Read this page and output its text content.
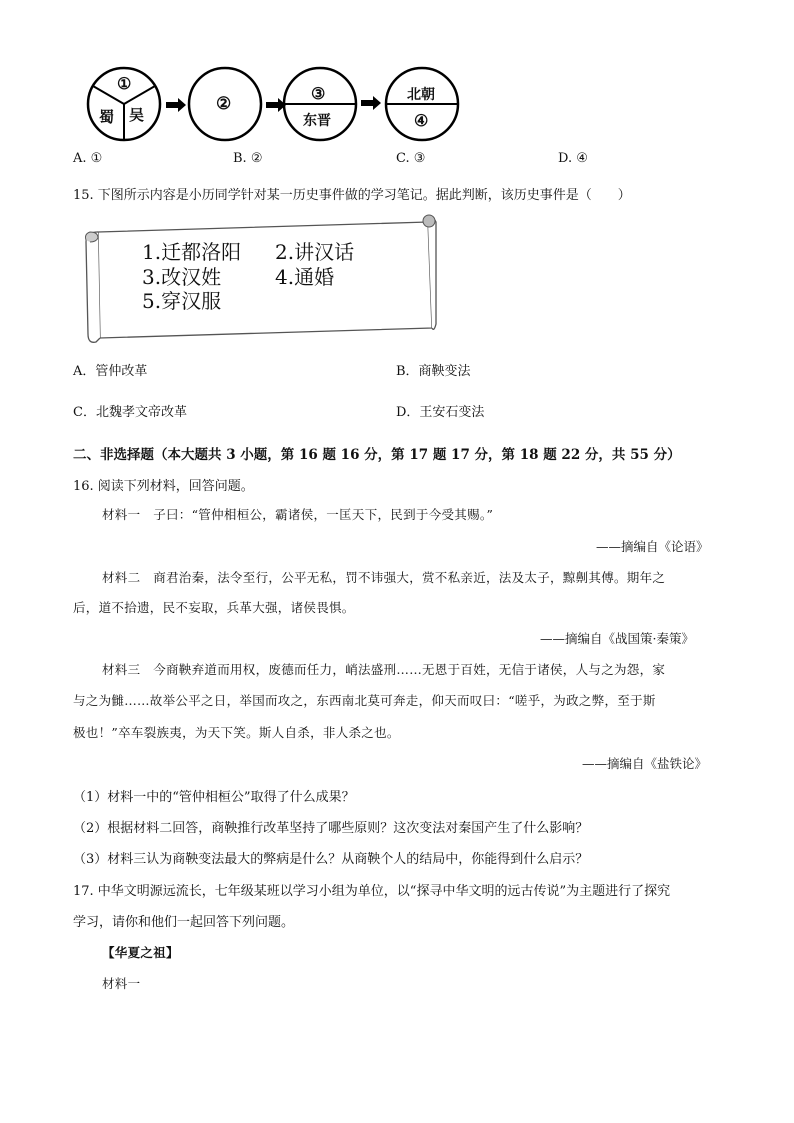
①
蜀 吴
②
③
东晋
北朝
④
A. ①	B. ②	C. ③	D. ④
15. 下图所示内容是小历同学针对某一历史事件做的学习笔记。据此判断，该历史事件是（　　）
1.迁都洛阳 2.讲汉话
3.改汉姓	4.通婚
5.穿汉服
A．管仲改革	B．商鞅变法
C．北魏孝文帝改革	D．王安石变法
二、非选择题（本大题共 3 小题，第 16 题 16 分，第 17 题 17 分，第 18 题 22 分，共 55 分）
16. 阅读下列材料，回答问题。
材料一　子曰：“管仲相桓公，霸诸侯，一匡天下，民到于今受其赐。”
——摘编自《论语》
材料二　商君治秦，法令至行，公平无私，罚不讳强大，赏不私亲近，法及太子，黥劓其傅。期年之
后，道不拾遗，民不妄取，兵革大强，诸侯畏惧。
——摘编自《战国策·秦策》
材料三　今商鞅弃道而用权，废德而任力，峭法盛刑……无恩于百姓，无信于诸侯，人与之为怨，家
与之为雠……故举公平之日，举国而攻之，东西南北莫可奔走，仰天而叹曰：“嗟乎，为政之弊，至于斯
极也！”卒车裂族夷，为天下笑。斯人自杀，非人杀之也。
——摘编自《盐铁论》
（1）材料一中的“管仲相桓公”取得了什么成果？
（2）根据材料二回答，商鞅推行改革坚持了哪些原则？这次变法对秦国产生了什么影响？
（3）材料三认为商鞅变法最大的弊病是什么？从商鞅个人的结局中，你能得到什么启示？
17. 中华文明源远流长，七年级某班以学习小组为单位，以“探寻中华文明的远古传说”为主题进行了探究
学习，请你和他们一起回答下列问题。
【华夏之祖】
材料一
